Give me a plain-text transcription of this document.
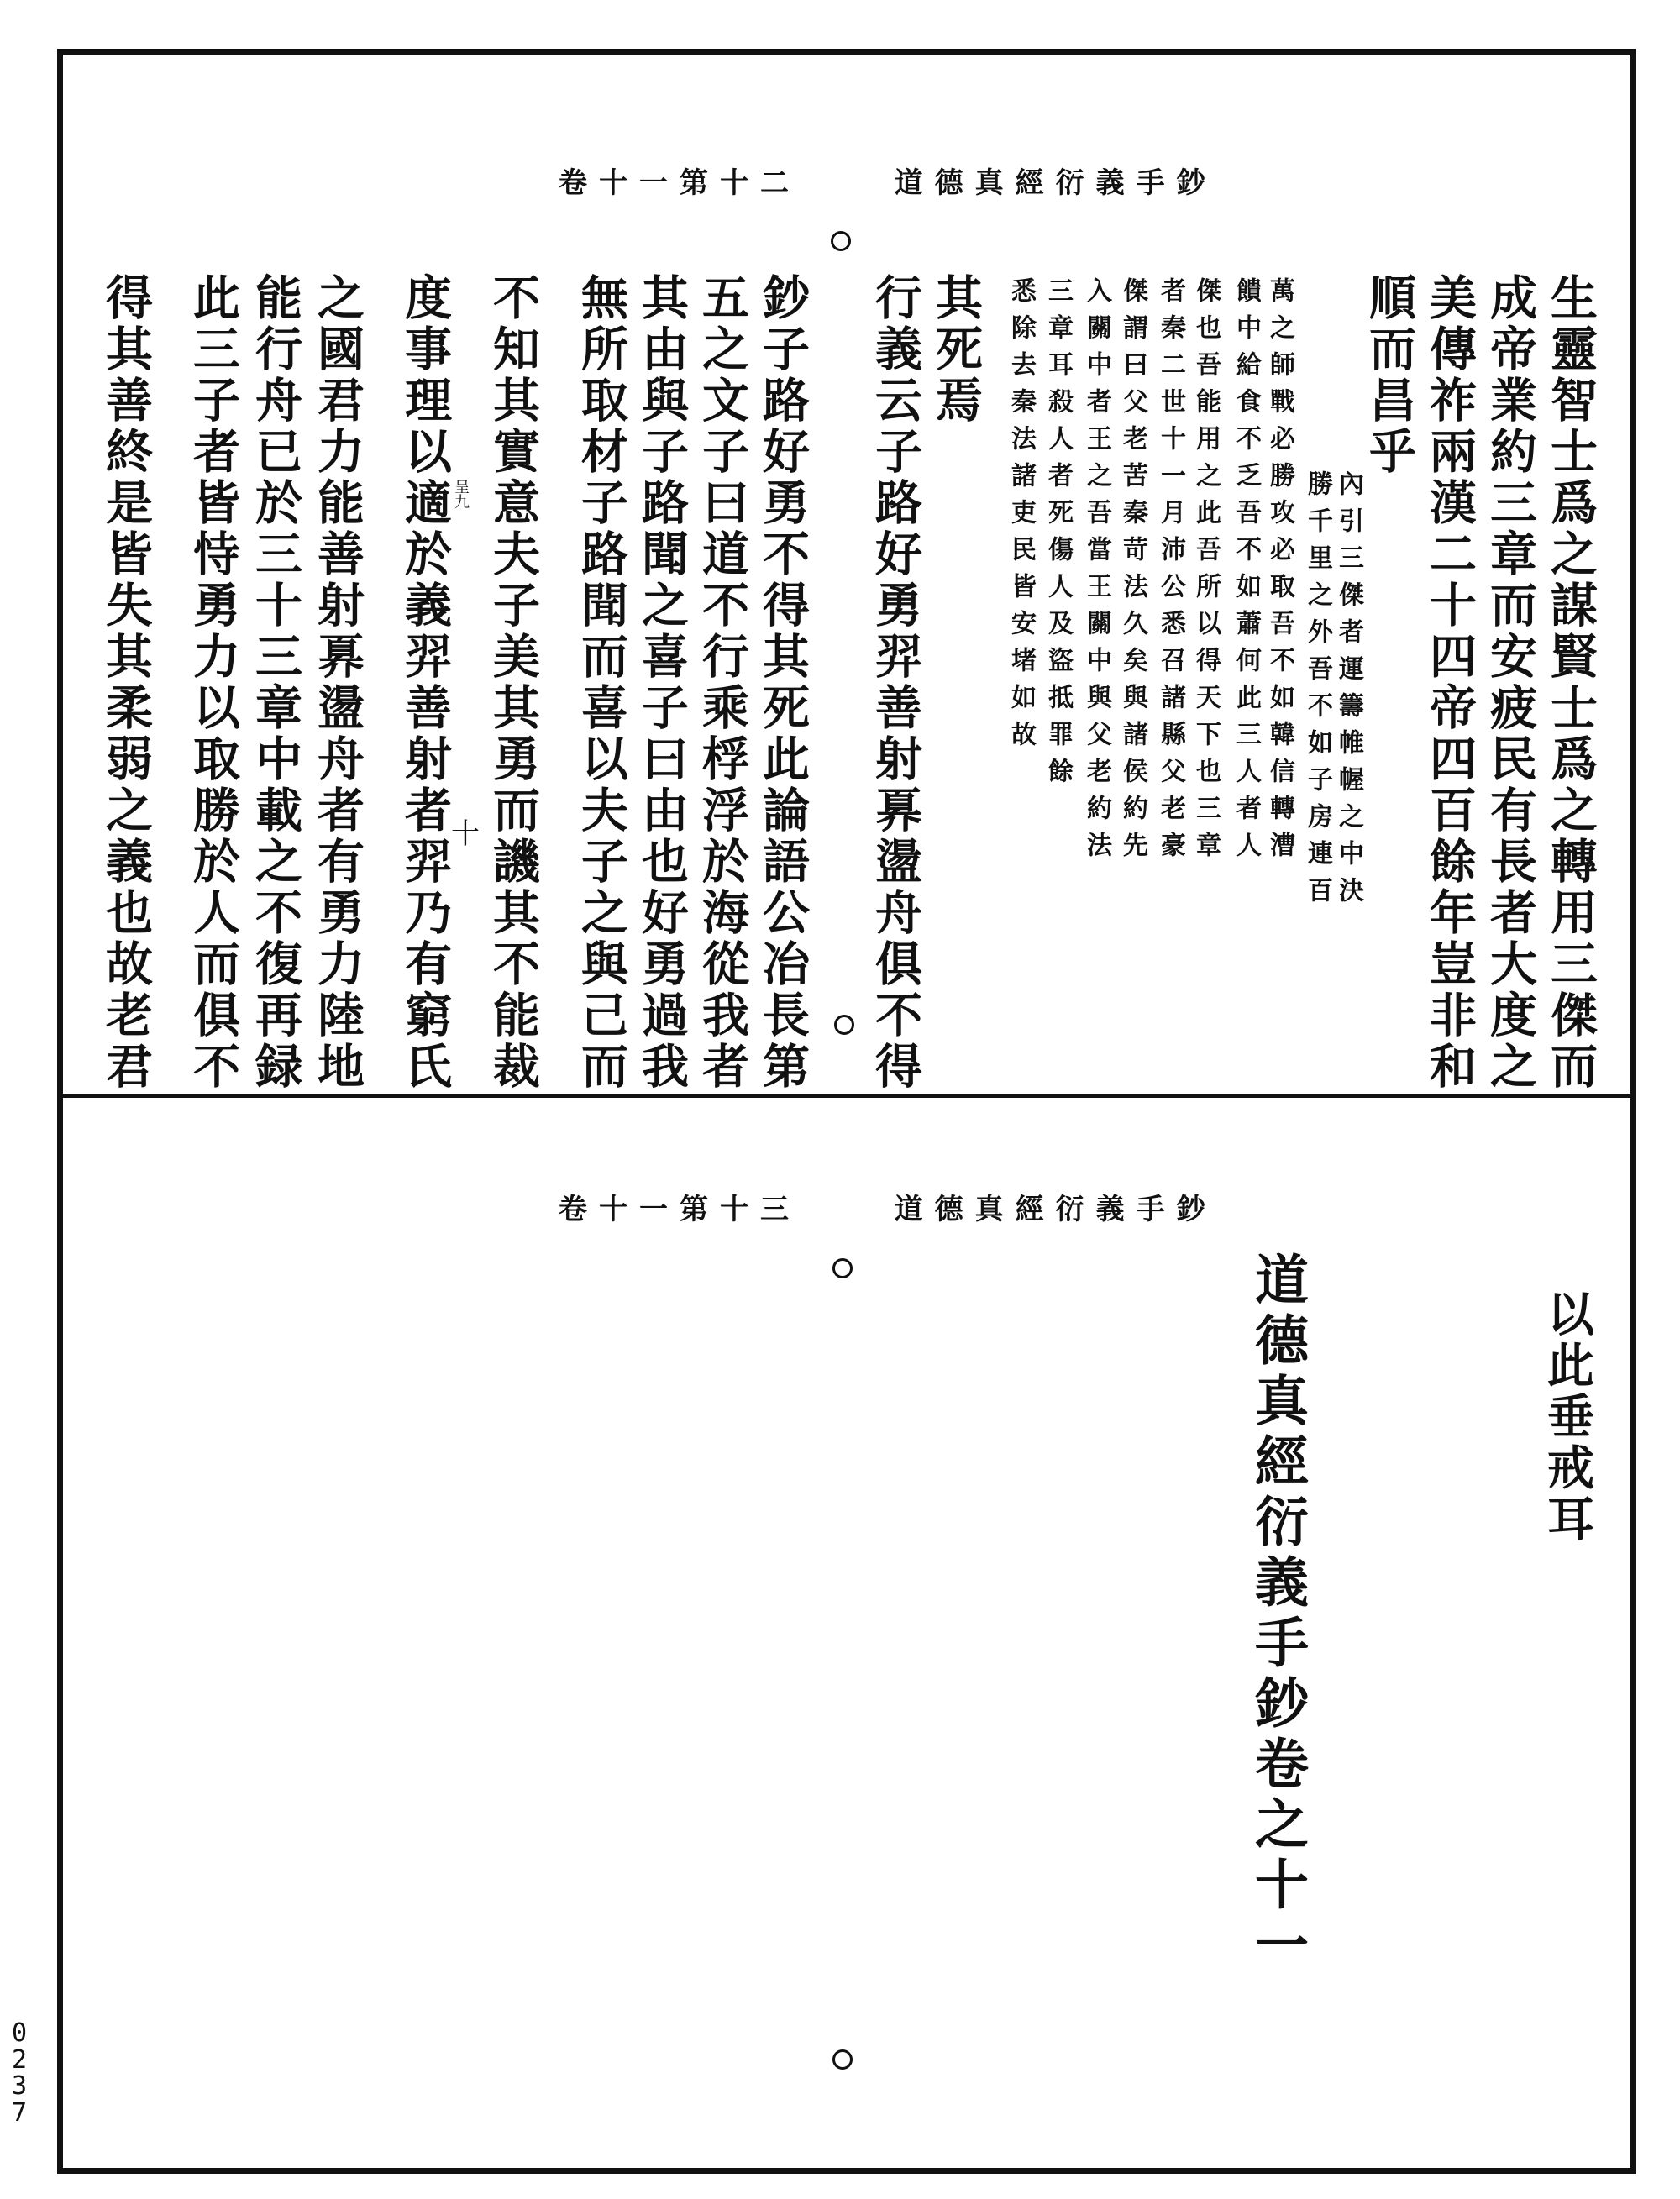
卷十一第十二	道德真經衍義手鈔
生靈智士爲之謀賢士爲之轉用三傑而
成帝業約三章而安疲民有長者大度之
美傳祚兩漢二十四帝四百餘年豈非和
順而昌乎
內引三傑者運籌帷幄之中決
勝千里之外吾不如子房連百
萬之師戰必勝攻必取吾不如韓信轉漕
饋中給食不乏吾不如蕭何此三人者人
傑也吾能用之此吾所以得天下也三章
者秦二世十一月沛公悉召諸縣父老豪
傑謂曰父老苦秦苛法久矣與諸侯約先
入關中者王之吾當王關中與父老約法
三章耳殺人者死傷人及盜抵罪餘
悉除去秦法諸吏民皆安堵如故
其死焉
行義云子路好勇羿善射奡盪舟俱不得
鈔子路好勇不得其死此論語公冶長第
五之文子曰道不行乘桴浮於海從我者
其由與子路聞之喜子曰由也好勇過我
無所取材子路聞而喜以夫子之與己而
不知其實意夫子美其勇而譏其不能裁
度事理以適於義羿善射者羿乃有窮氏
之國君力能善射奡盪舟者有勇力陸地
能行舟已於三十三章中載之不復再録
此三子者皆恃勇力以取勝於人而俱不
得其善終是皆失其柔弱之義也故老君	呈九
十
卷十一第十三	道德真經衍義手鈔
以此垂戒耳
道德真經衍義手鈔卷之十一
0
2
3
7
